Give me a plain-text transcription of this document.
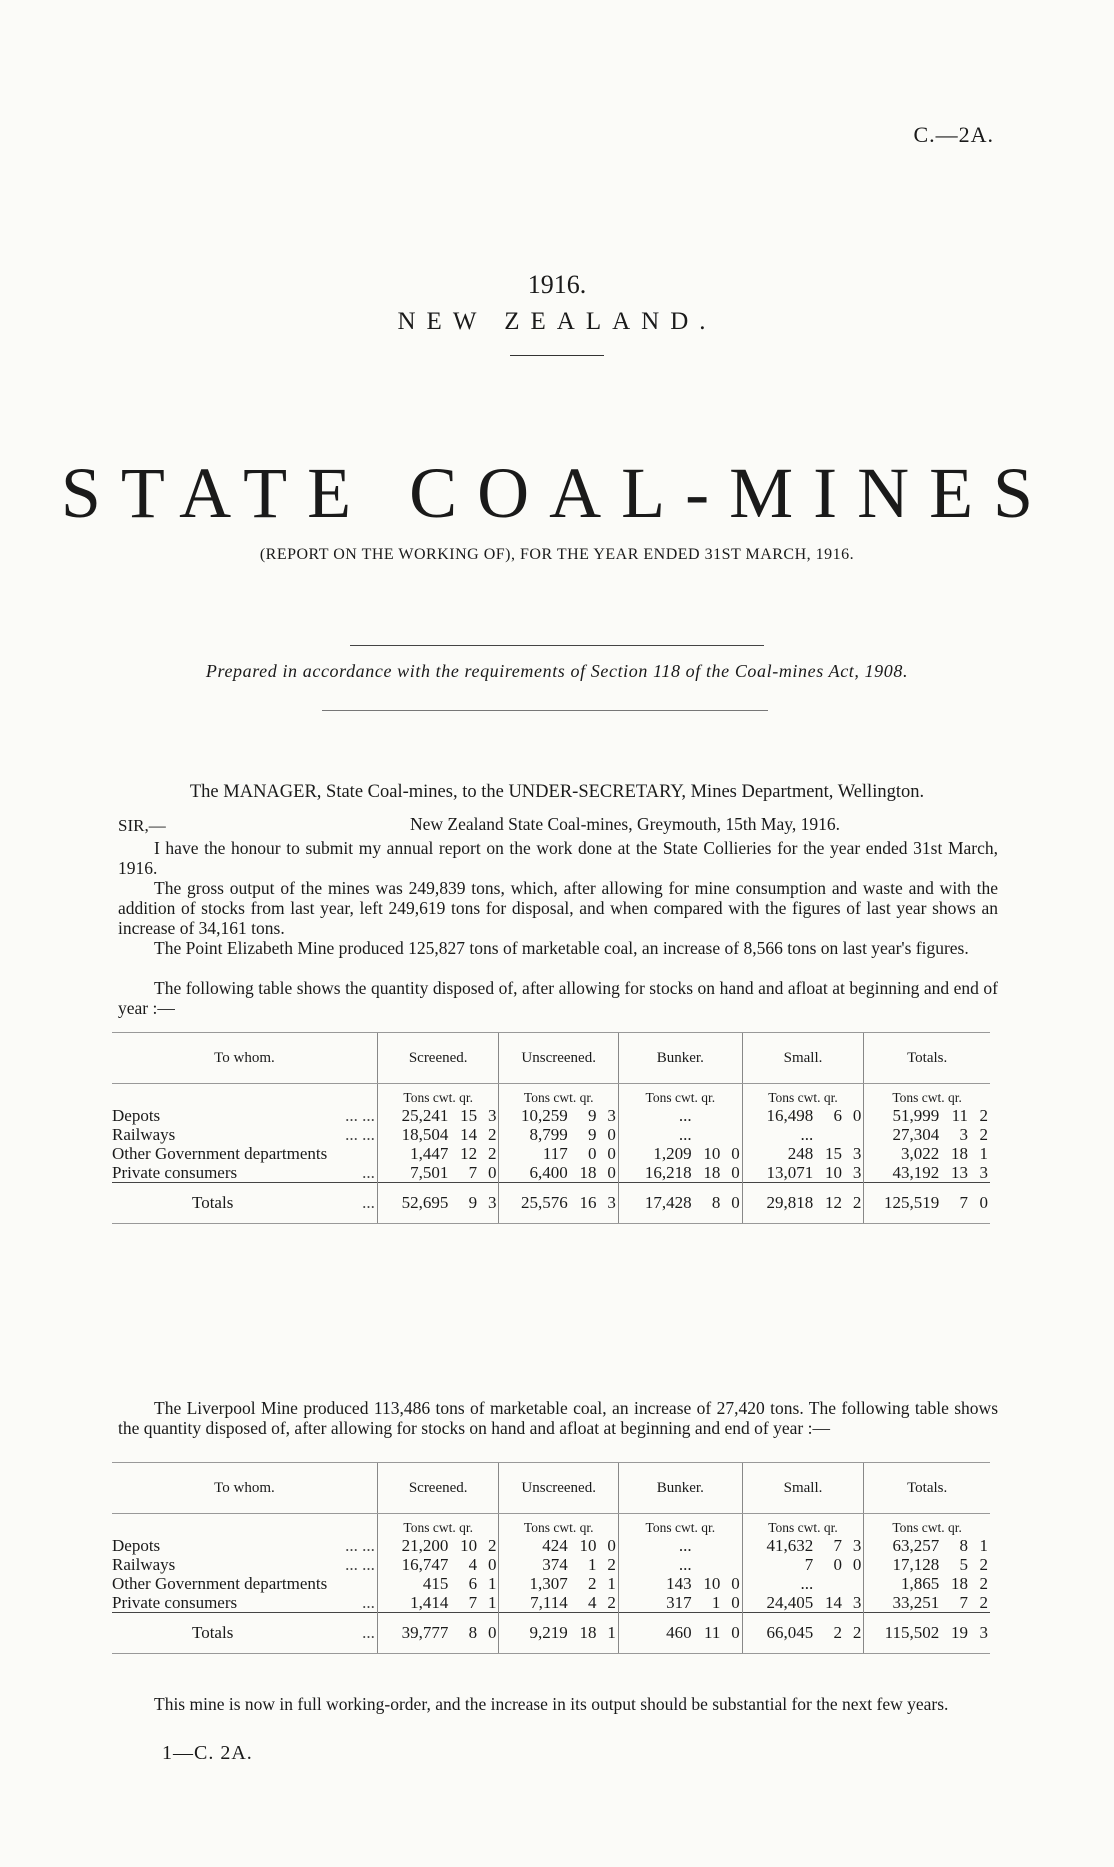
C.—2A.
1916.
NEW ZEALAND.
STATE COAL-MINES
(REPORT ON THE WORKING OF), FOR THE YEAR ENDED 31ST MARCH, 1916.
Prepared in accordance with the requirements of Section 118 of the Coal-mines Act, 1908.
The MANAGER, State Coal-mines, to the UNDER-SECRETARY, Mines Department, Wellington.
SIR,—	New Zealand State Coal-mines, Greymouth, 15th May, 1916.
I have the honour to submit my annual report on the work done at the State Collieries for the year ended 31st March, 1916.
The gross output of the mines was 249,839 tons, which, after allowing for mine consumption and waste and with the addition of stocks from last year, left 249,619 tons for disposal, and when compared with the figures of last year shows an increase of 34,161 tons.
The Point Elizabeth Mine produced 125,827 tons of marketable coal, an increase of 8,566 tons on last year's figures.
The following table shows the quantity disposed of, after allowing for stocks on hand and afloat at beginning and end of year :—
To whom.	Screened.			Unscreened.			Bunker.			Small.			Totals.		
	Tons cwt. qr.			Tons cwt. qr.			Tons cwt. qr.			Tons cwt. qr.			Tons cwt. qr.		
Depots ... ...	25,241	15	3	10,259	9	3	...			16,498	6	0	51,999	11	2
Railways ... ...	18,504	14	2	8,799	9	0	...			...			27,304	3	2
Other Government departments	1,447	12	2	117	0	0	1,209	10	0	248	15	3	3,022	18	1
Private consumers ...	7,501	7	0	6,400	18	0	16,218	18	0	13,071	10	3	43,192	13	3
Totals ...	52,695	9	3	25,576	16	3	17,428	8	0	29,818	12	2	125,519	7	0
The Liverpool Mine produced 113,486 tons of marketable coal, an increase of 27,420 tons. The following table shows the quantity disposed of, after allowing for stocks on hand and afloat at beginning and end of year :—
To whom.	Screened.			Unscreened.			Bunker.			Small.			Totals.		
	Tons cwt. qr.			Tons cwt. qr.			Tons cwt. qr.			Tons cwt. qr.			Tons cwt. qr.		
Depots ... ...	21,200	10	2	424	10	0	...			41,632	7	3	63,257	8	1
Railways ... ...	16,747	4	0	374	1	2	...			7	0	0	17,128	5	2
Other Government departments	415	6	1	1,307	2	1	143	10	0	...			1,865	18	2
Private consumers ...	1,414	7	1	7,114	4	2	317	1	0	24,405	14	3	33,251	7	2
Totals ...	39,777	8	0	9,219	18	1	460	11	0	66,045	2	2	115,502	19	3
This mine is now in full working-order, and the increase in its output should be substantial for the next few years.
1—C. 2A.
